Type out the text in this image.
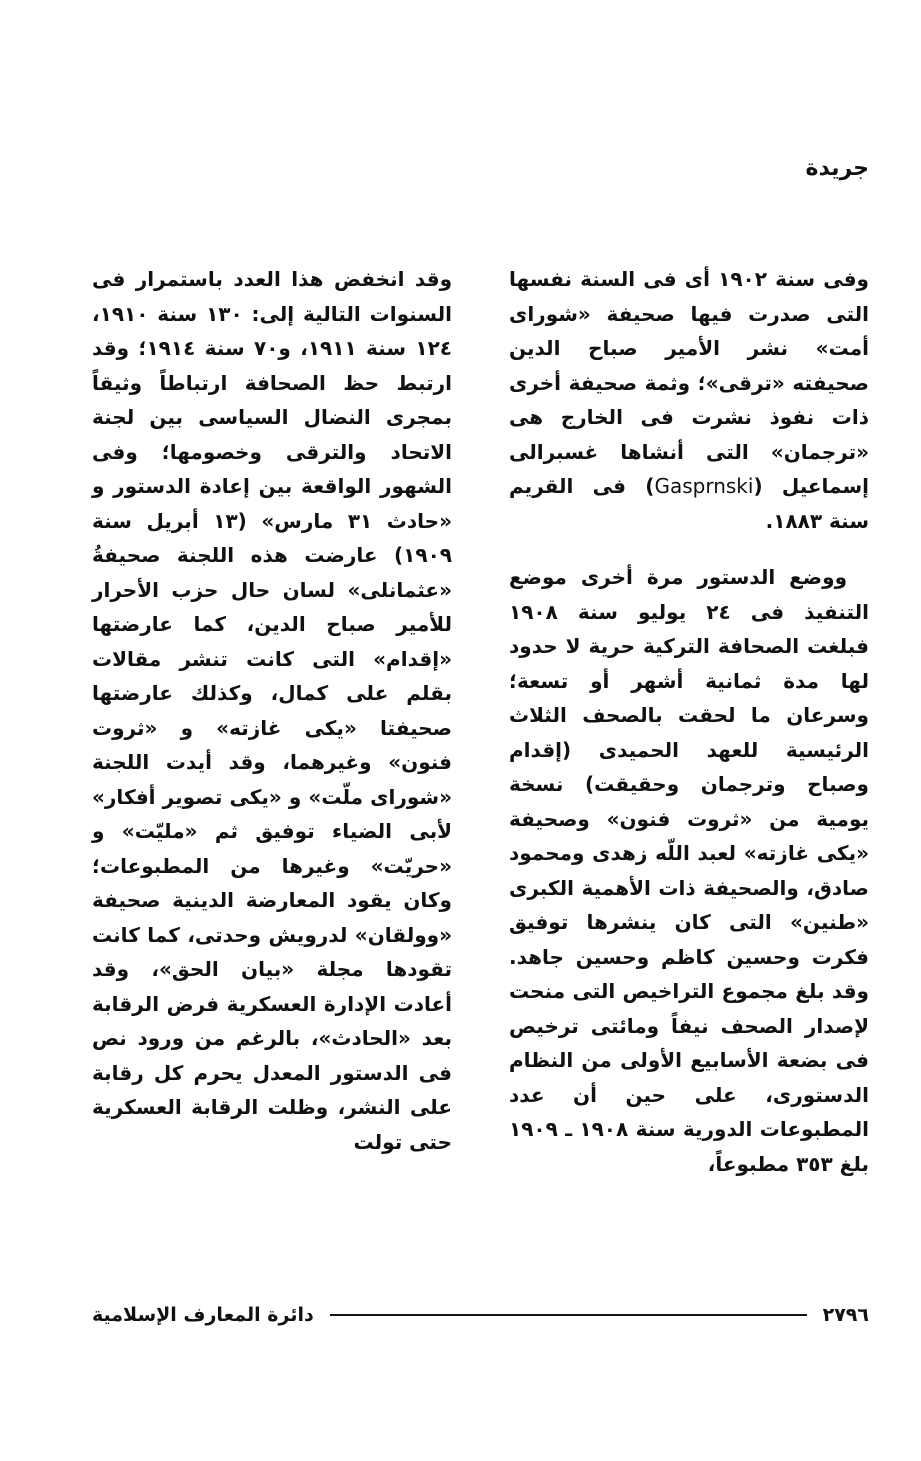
جريدة

وفى سنة ١٩٠٢ أى فى السنة نفسها التى صدرت فيها صحيفة «شوراى أمت» نشر الأمير صباح الدين صحيفته «ترقى»؛ وثمة صحيفة أخرى ذات نفوذ نشرت فى الخارج هى «ترجمان» التى أنشاها غسبرالى إسماعيل (Gasprnski) فى القريم سنة ١٨٨٣.

ووضع الدستور مرة أخرى موضع التنفيذ فى ٢٤ يوليو سنة ١٩٠٨ فبلغت الصحافة التركية حرية لا حدود لها مدة ثمانية أشهر أو تسعة؛ وسرعان ما لحقت بالصحف الثلاث الرئيسية للعهد الحميدى (إقدام وصباح وترجمان وحقيقت) نسخة يومية من «ثروت فنون» وصحيفة «يكى غازته» لعبد اللّه زهدى ومحمود صادق، والصحيفة ذات الأهمية الكبرى «طنين» التى كان ينشرها توفيق فكرت وحسين كاظم وحسين جاهد. وقد بلغ مجموع التراخيص التى منحت لإصدار الصحف نيفاً ومائتى ترخيص فى بضعة الأسابيع الأولى من النظام الدستورى، على حين أن عدد المطبوعات الدورية سنة ١٩٠٨ ـ ١٩٠٩ بلغ ٣٥٣ مطبوعاً،

وقد انخفض هذا العدد باستمرار فى السنوات التالية إلى: ١٣٠ سنة ١٩١٠، ١٢٤ سنة ١٩١١، و٧٠ سنة ١٩١٤؛ وقد ارتبط حظ الصحافة ارتباطاً وثيقاً بمجرى النضال السياسى بين لجنة الاتحاد والترقى وخصومها؛ وفى الشهور الواقعة بين إعادة الدستور و «حادث ٣١ مارس» (١٣ أبريل سنة ١٩٠٩) عارضت هذه اللجنة صحيفةُ «عثمانلى» لسان حال حزب الأحرار للأمير صباح الدين، كما عارضتها «إقدام» التى كانت تنشر مقالات بقلم على كمال، وكذلك عارضتها صحيفتا «يكى غازته» و «ثروت فنون» وغيرهما، وقد أيدت اللجنة «شوراى ملّت» و «يكى تصوير أفكار» لأبى الضياء توفيق ثم «مليّت» و «حريّت» وغيرها من المطبوعات؛ وكان يقود المعارضة الدينية صحيفة «وولقان» لدرويش وحدتى، كما كانت تقودها مجلة «بيان الحق»، وقد أعادت الإدارة العسكرية فرض الرقابة بعد «الحادث»، بالرغم من ورود نص فى الدستور المعدل يحرم كل رقابة على النشر، وظلت الرقابة العسكرية حتى تولت

٢٧٩٦
دائرة المعارف الإسلامية
